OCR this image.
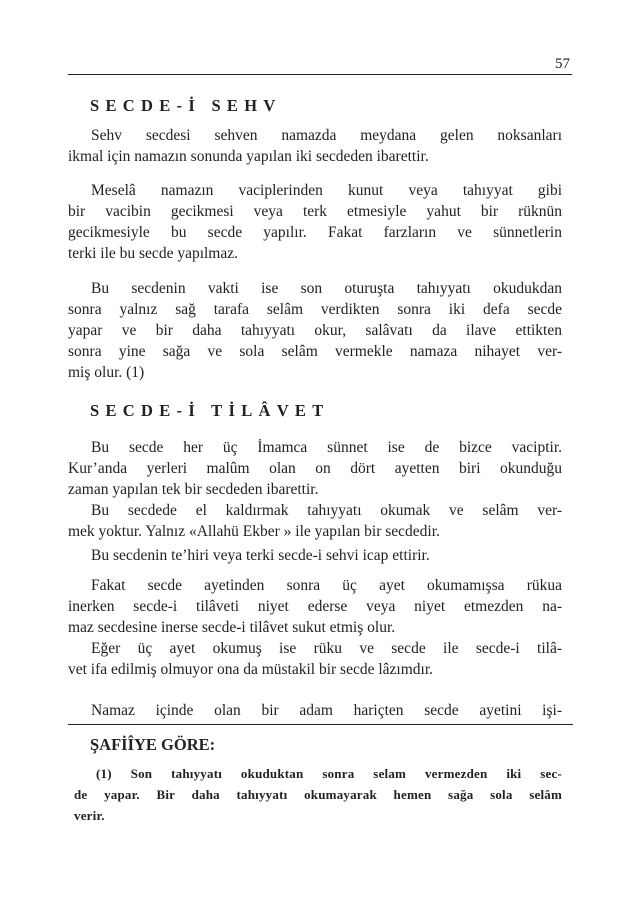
57
SECDE-İ SEHV
Sehv secdesi sehven namazda meydana gelen noksanları
ikmal için namazın sonunda yapılan iki secdeden ibarettir.
Meselâ namazın vaciplerinden kunut veya tahıyyat gibi
bir vacibin gecikmesi veya terk etmesiyle yahut bir rüknün
gecikmesiyle bu secde yapılır. Fakat farzların ve sünnetlerin
terki ile bu secde yapılmaz.
Bu secdenin vakti ise son oturuşta tahıyyatı okudukdan
sonra yalnız sağ tarafa selâm verdikten sonra iki defa secde
yapar ve bir daha tahıyyatı okur, salâvatı da ilave ettikten
sonra yine sağa ve sola selâm vermekle namaza nihayet ver-
miş olur. (1)
SECDE-İ TİLÂVET
Bu secde her üç İmamca sünnet ise de bizce vaciptir.
Kur’anda yerleri malûm olan on dört ayetten biri okunduğu
zaman yapılan tek bir secdeden ibarettir.
Bu secdede el kaldırmak tahıyyatı okumak ve selâm ver-
mek yoktur. Yalnız «Allahü Ekber » ile yapılan bir secdedir.
Bu secdenin te’hiri veya terki secde-i sehvi icap ettirir.
Fakat secde ayetinden sonra üç ayet okumamışsa rükua
inerken secde-i tilâveti niyet ederse veya niyet etmezden na-
maz secdesine inerse secde-i tilâvet sukut etmiş olur.
Eğer üç ayet okumuş ise rüku ve secde ile secde-i tilâ-
vet ifa edilmiş olmuyor ona da müstakil bir secde lâzımdır.
Namaz içinde olan bir adam hariçten secde ayetini işi-
ŞAFİÎYE GÖRE:
(1) Son tahıyyatı okuduktan sonra selam vermezden iki sec-
de yapar. Bir daha tahıyyatı okumayarak hemen sağa sola selâm
verir.
